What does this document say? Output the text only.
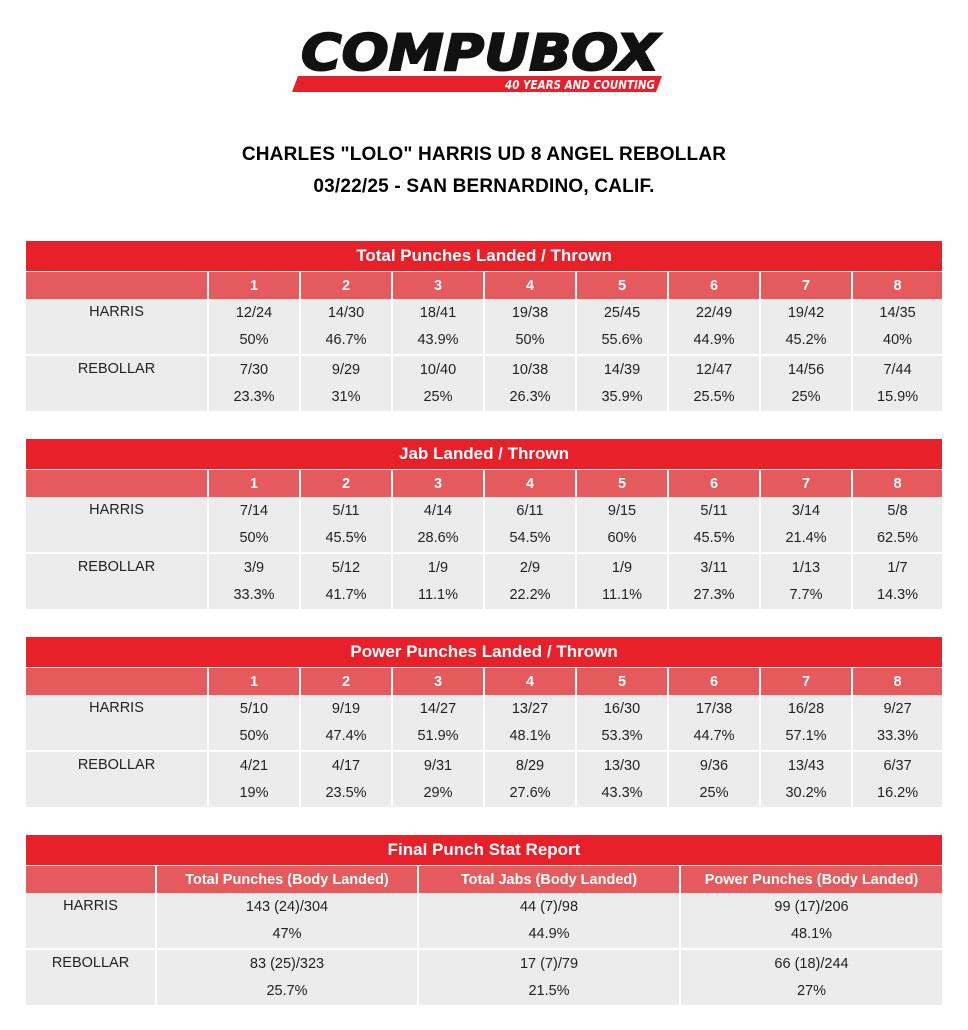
COMPUBOX
40 YEARS AND COUNTING
CHARLES "LOLO" HARRIS UD 8 ANGEL REBOLLAR
03/22/25 - SAN BERNARDINO, CALIF.
Total Punches Landed / Thrown								
	1	2	3	4	5	6	7	8
HARRIS	12/24	14/30	18/41	19/38	25/45	22/49	19/42	14/35
	50%	46.7%	43.9%	50%	55.6%	44.9%	45.2%	40%
REBOLLAR	7/30	9/29	10/40	10/38	14/39	12/47	14/56	7/44
	23.3%	31%	25%	26.3%	35.9%	25.5%	25%	15.9%
Jab Landed / Thrown								
	1	2	3	4	5	6	7	8
HARRIS	7/14	5/11	4/14	6/11	9/15	5/11	3/14	5/8
	50%	45.5%	28.6%	54.5%	60%	45.5%	21.4%	62.5%
REBOLLAR	3/9	5/12	1/9	2/9	1/9	3/11	1/13	1/7
	33.3%	41.7%	11.1%	22.2%	11.1%	27.3%	7.7%	14.3%
Power Punches Landed / Thrown								
	1	2	3	4	5	6	7	8
HARRIS	5/10	9/19	14/27	13/27	16/30	17/38	16/28	9/27
	50%	47.4%	51.9%	48.1%	53.3%	44.7%	57.1%	33.3%
REBOLLAR	4/21	4/17	9/31	8/29	13/30	9/36	13/43	6/37
	19%	23.5%	29%	27.6%	43.3%	25%	30.2%	16.2%
Final Punch Stat Report			
	Total Punches (Body Landed)	Total Jabs (Body Landed)	Power Punches (Body Landed)
HARRIS	143 (24)/304	44 (7)/98	99 (17)/206
	47%	44.9%	48.1%
REBOLLAR	83 (25)/323	17 (7)/79	66 (18)/244
	25.7%	21.5%	27%
